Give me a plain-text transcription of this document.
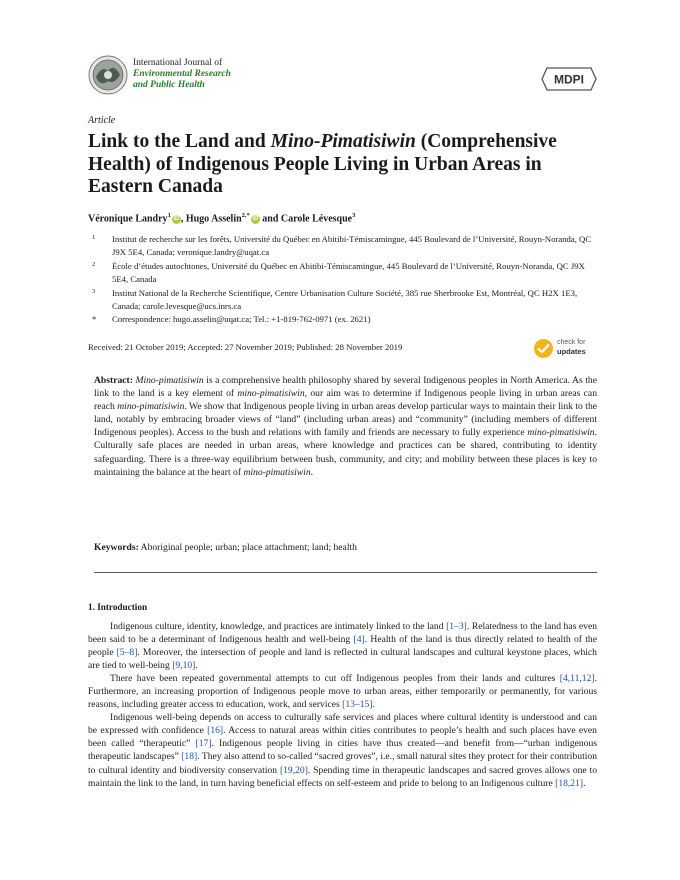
International Journal of
Environmental Research
and Public Health	MDPI
Article
Link to the Land and Mino-Pimatisiwin (Comprehensive Health) of Indigenous People Living in Urban Areas in Eastern Canada
Véronique Landry$^1$iD , Hugo Asselin$^{2,*}$iD and Carole Lévesque$^3$
1 Institut de recherche sur les forêts, Université du Québec en Abitibi-Témiscamingue, 445 Boulevard de l’Université, Rouyn-Noranda, QC J9X 5E4, Canada; veronique.landry@uqat.ca
2 École d’études autochtones, Université du Québec en Abitibi-Témiscamingue, 445 Boulevard de l’Université, Rouyn-Noranda, QC J9X 5E4, Canada
3 Institut National de la Recherche Scientifique, Centre Urbanisation Culture Société, 385 rue Sherbrooke Est, Montréal, QC H2X 1E3, Canada; carole.levesque@ucs.inrs.ca
* Correspondence: hugo.asselin@uqat.ca; Tel.: +1-819-762-0971 (ex. 2621)
Received: 21 October 2019; Accepted: 27 November 2019; Published: 28 November 2019	check for
updates

Abstract: Mino-pimatisiwin is a comprehensive health philosophy shared by several Indigenous peoples in North America. As the link to the land is a key element of mino-pimatisiwin, our aim was to determine if Indigenous people living in urban areas can reach mino-pimatisiwin. We show that Indigenous people living in urban areas develop particular ways to maintain their link to the land, notably by embracing broader views of “land” (including urban areas) and “community” (including members of different Indigenous peoples). Access to the bush and relations with family and friends are necessary to fully experience mino-pimatisiwin. Culturally safe places are needed in urban areas, where knowledge and practices can be shared, contributing to identity safeguarding. There is a three-way equilibrium between bush, community, and city; and mobility between these places is key to maintaining the balance at the heart of mino-pimatisiwin.

Keywords: Aboriginal people; urban; place attachment; land; health
1. Introduction

Indigenous culture, identity, knowledge, and practices are intimately linked to the land [1–3]. Relatedness to the land has even been said to be a determinant of Indigenous health and well-being [4]. Health of the land is thus directly related to health of the people [5–8]. Moreover, the intersection of people and land is reflected in cultural landscapes and cultural keystone places, which are tied to well-being [9,10].

There have been repeated governmental attempts to cut off Indigenous peoples from their lands and cultures [4,11,12]. Furthermore, an increasing proportion of Indigenous people move to urban areas, either temporarily or permanently, for various reasons, including greater access to education, work, and services [13–15].

Indigenous well-being depends on access to culturally safe services and places where cultural identity is understood and can be expressed with confidence [16]. Access to natural areas within cities contributes to people’s health and such places have even been called “therapeutic” [17]. Indigenous people living in cities have thus created—and benefit from—“urban indigenous therapeutic landscapes” [18]. They also attend to so-called “sacred groves”, i.e., small natural sites they protect for their contribution to cultural identity and biodiversity conservation [19,20]. Spending time in therapeutic landscapes and sacred groves allows one to maintain the link to the land, in turn having beneficial effects on self-esteem and pride to belong to an Indigenous culture [18,21].
